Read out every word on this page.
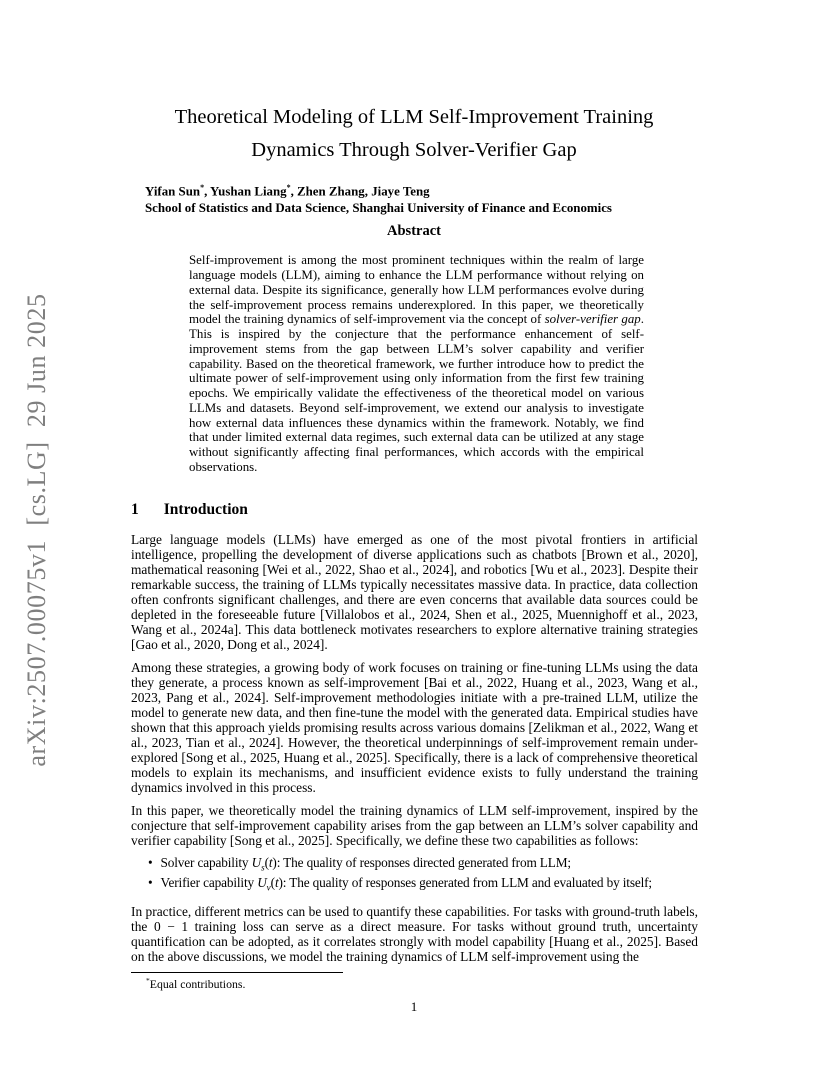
arXiv:2507.00075v1  [cs.LG]  29 Jun 2025
Theoretical Modeling of LLM Self-Improvement Training
Dynamics Through Solver-Verifier Gap
Yifan Sun*, Yushan Liang*, Zhen Zhang, Jiaye Teng
School of Statistics and Data Science, Shanghai University of Finance and Economics
Abstract

Self-improvement is among the most prominent techniques within the realm of large language models (LLM), aiming to enhance the LLM performance without relying on external data. Despite its significance, generally how LLM performances evolve during the self-improvement process remains underexplored. In this paper, we theoretically model the training dynamics of self-improvement via the concept of solver-verifier gap. This is inspired by the conjecture that the performance enhancement of self-improvement stems from the gap between LLM’s solver capability and verifier capability. Based on the theoretical framework, we further introduce how to predict the ultimate power of self-improvement using only information from the first few training epochs. We empirically validate the effectiveness of the theoretical model on various LLMs and datasets. Beyond self-improvement, we extend our analysis to investigate how external data influences these dynamics within the framework. Notably, we find that under limited external data regimes, such external data can be utilized at any stage without significantly affecting final performances, which accords with the empirical observations.

1 Introduction

Large language models (LLMs) have emerged as one of the most pivotal frontiers in artificial intelligence, propelling the development of diverse applications such as chatbots [Brown et al., 2020], mathematical reasoning [Wei et al., 2022, Shao et al., 2024], and robotics [Wu et al., 2023]. Despite their remarkable success, the training of LLMs typically necessitates massive data. In practice, data collection often confronts significant challenges, and there are even concerns that available data sources could be depleted in the foreseeable future [Villalobos et al., 2024, Shen et al., 2025, Muennighoff et al., 2023, Wang et al., 2024a]. This data bottleneck motivates researchers to explore alternative training strategies [Gao et al., 2020, Dong et al., 2024].

Among these strategies, a growing body of work focuses on training or fine-tuning LLMs using the data they generate, a process known as self-improvement [Bai et al., 2022, Huang et al., 2023, Wang et al., 2023, Pang et al., 2024]. Self-improvement methodologies initiate with a pre-trained LLM, utilize the model to generate new data, and then fine-tune the model with the generated data. Empirical studies have shown that this approach yields promising results across various domains [Zelikman et al., 2022, Wang et al., 2023, Tian et al., 2024]. However, the theoretical underpinnings of self-improvement remain under-explored [Song et al., 2025, Huang et al., 2025]. Specifically, there is a lack of comprehensive theoretical models to explain its mechanisms, and insufficient evidence exists to fully understand the training dynamics involved in this process.

In this paper, we theoretically model the training dynamics of LLM self-improvement, inspired by the conjecture that self-improvement capability arises from the gap between an LLM’s solver capability and verifier capability [Song et al., 2025]. Specifically, we define these two capabilities as follows:

• Solver capability $U_s(t)$: The quality of responses directed generated from LLM;
• Verifier capability $U_v(t)$: The quality of responses generated from LLM and evaluated by itself;

In practice, different metrics can be used to quantify these capabilities. For tasks with ground-truth labels, the 0 − 1 training loss can serve as a direct measure. For tasks without ground truth, uncertainty quantification can be adopted, as it correlates strongly with model capability [Huang et al., 2025]. Based on the above discussions, we model the training dynamics of LLM self-improvement using the

*Equal contributions.
1
